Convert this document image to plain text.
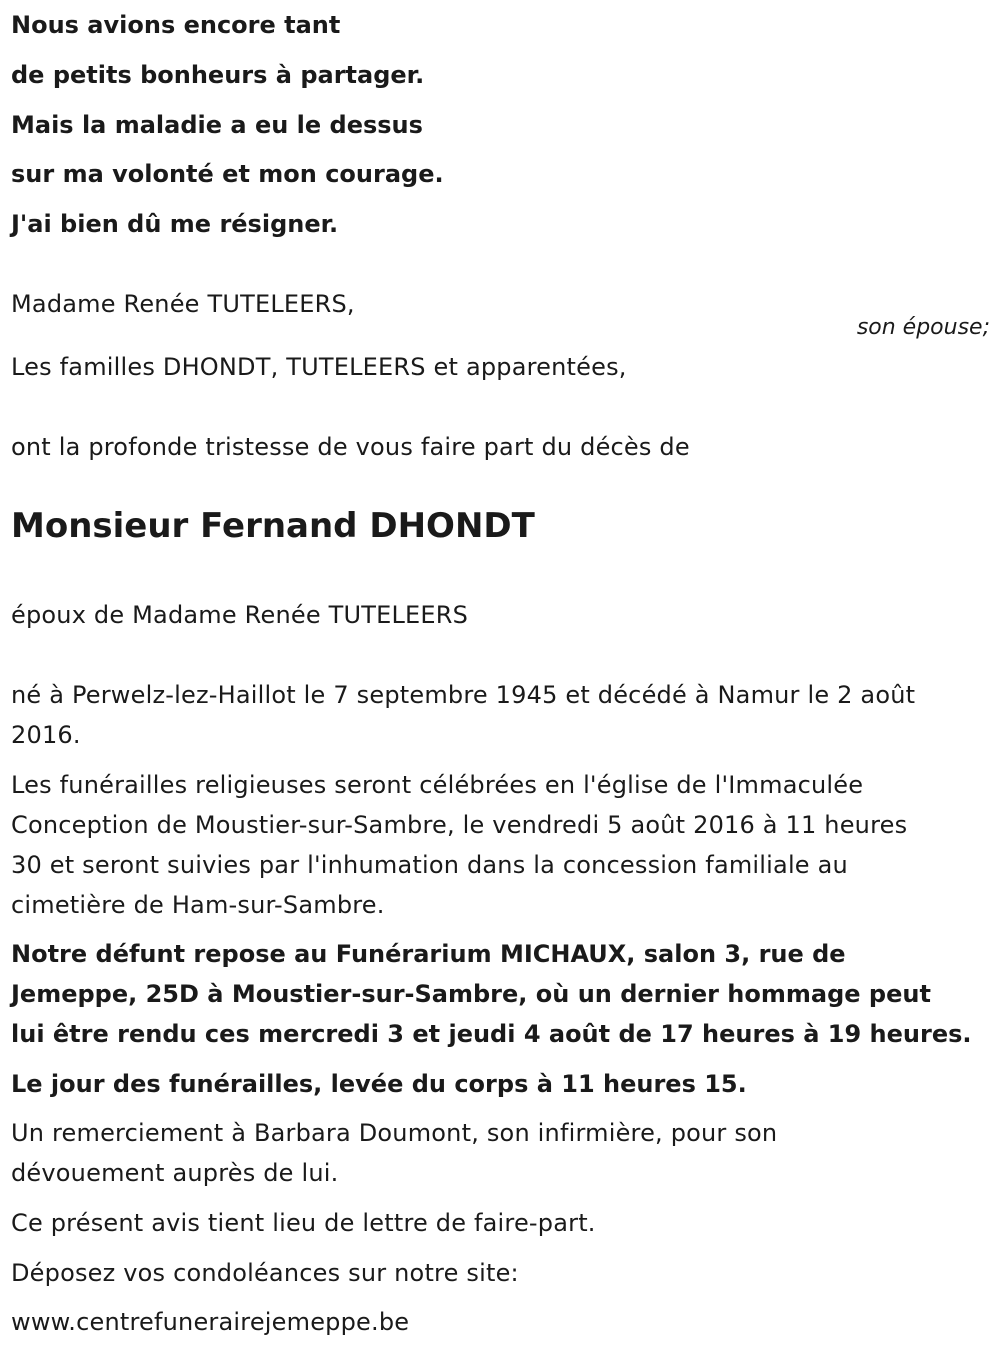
Nous avions encore tant
de petits bonheurs à partager.
Mais la maladie a eu le dessus
sur ma volonté et mon courage.
J'ai bien dû me résigner.
Madame Renée TUTELEERS,
son épouse;
Les familles DHONDT, TUTELEERS et apparentées,
ont la profonde tristesse de vous faire part du décès de
Monsieur Fernand DHONDT
époux de Madame Renée TUTELEERS
né à Perwelz-lez-Haillot le 7 septembre 1945 et décédé à Namur le 2 août
2016.
Les funérailles religieuses seront célébrées en l'église de l'Immaculée
Conception de Moustier-sur-Sambre, le vendredi 5 août 2016 à 11 heures
30 et seront suivies par l'inhumation dans la concession familiale au
cimetière de Ham-sur-Sambre.
Notre défunt repose au Funérarium MICHAUX, salon 3, rue de
Jemeppe, 25D à Moustier-sur-Sambre, où un dernier hommage peut
lui être rendu ces mercredi 3 et jeudi 4 août de 17 heures à 19 heures.
Le jour des funérailles, levée du corps à 11 heures 15.
Un remerciement à Barbara Doumont, son infirmière, pour son
dévouement auprès de lui.
Ce présent avis tient lieu de lettre de faire-part.
Déposez vos condoléances sur notre site:
www.centrefunerairejemeppe.be
